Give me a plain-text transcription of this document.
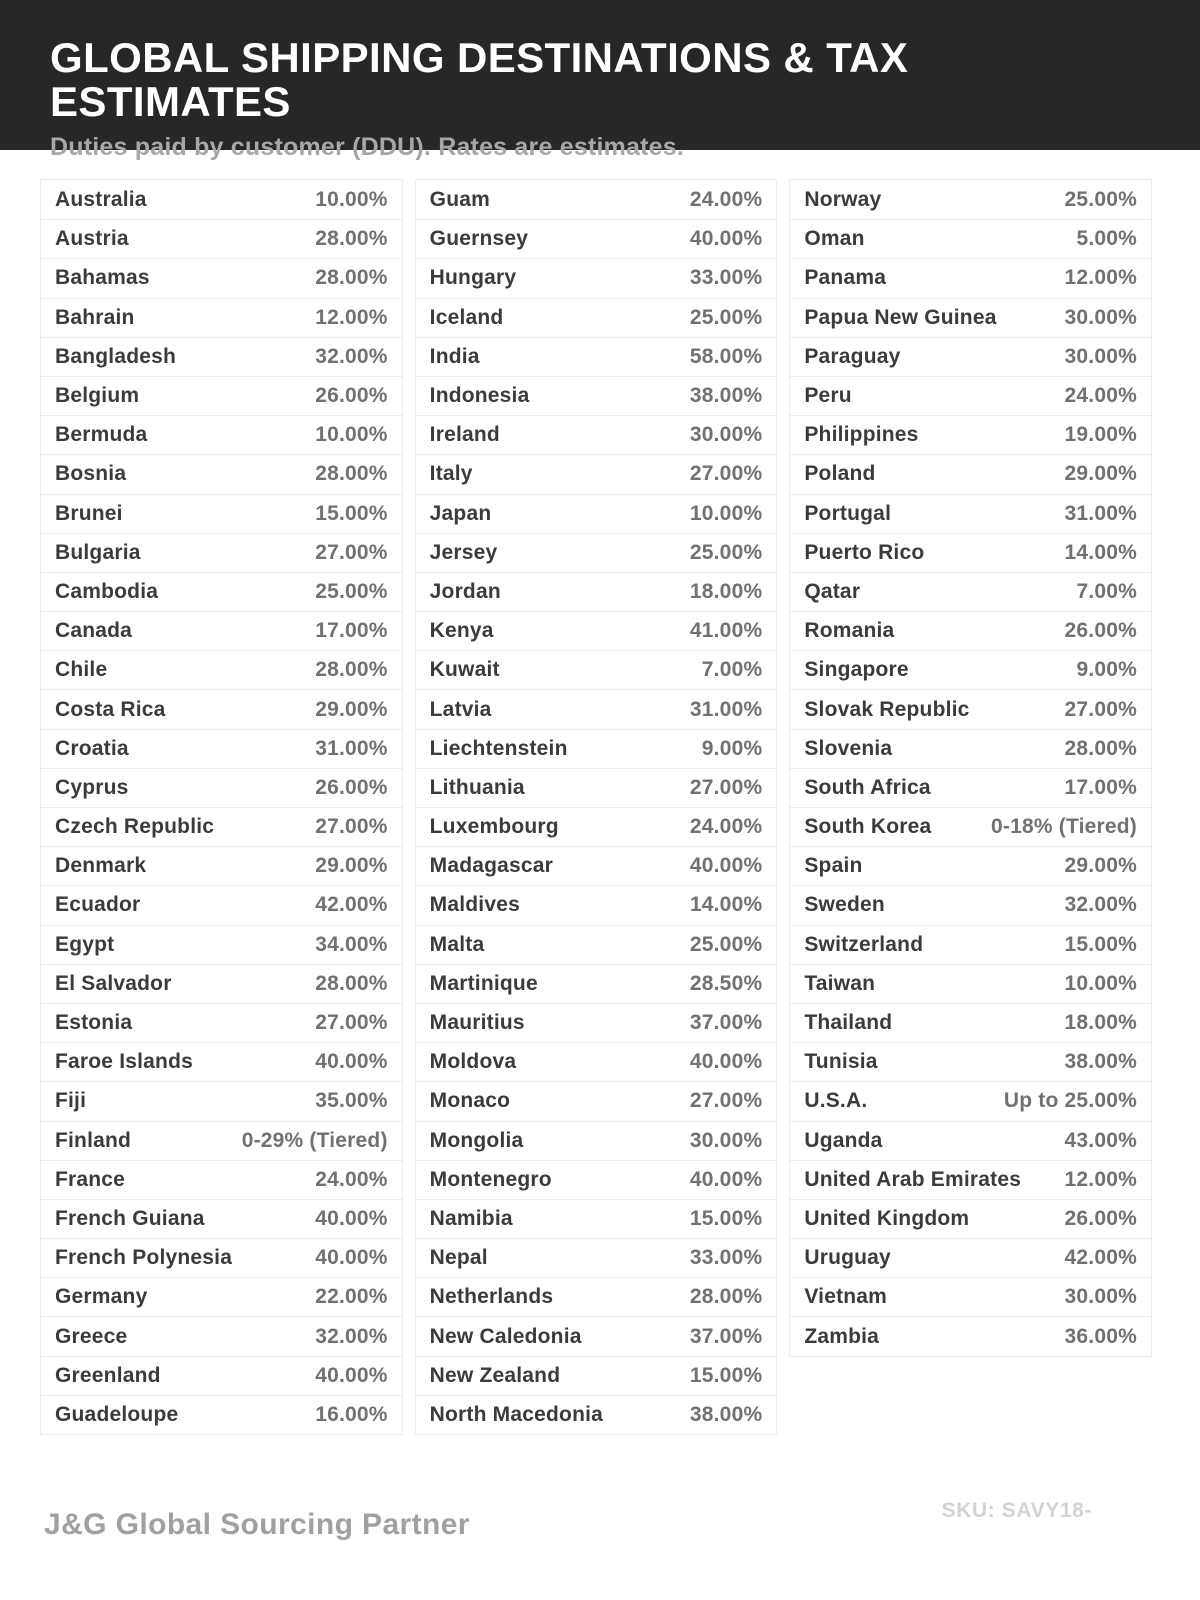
GLOBAL SHIPPING DESTINATIONS & TAX ESTIMATES
Duties paid by customer (DDU). Rates are estimates.
Australia	10.00%
Austria	28.00%
Bahamas	28.00%
Bahrain	12.00%
Bangladesh	32.00%
Belgium	26.00%
Bermuda	10.00%
Bosnia	28.00%
Brunei	15.00%
Bulgaria	27.00%
Cambodia	25.00%
Canada	17.00%
Chile	28.00%
Costa Rica	29.00%
Croatia	31.00%
Cyprus	26.00%
Czech Republic	27.00%
Denmark	29.00%
Ecuador	42.00%
Egypt	34.00%
El Salvador	28.00%
Estonia	27.00%
Faroe Islands	40.00%
Fiji	35.00%
Finland	0-29% (Tiered)
France	24.00%
French Guiana	40.00%
French Polynesia	40.00%
Germany	22.00%
Greece	32.00%
Greenland	40.00%
Guadeloupe	16.00%
Guam	24.00%
Guernsey	40.00%
Hungary	33.00%
Iceland	25.00%
India	58.00%
Indonesia	38.00%
Ireland	30.00%
Italy	27.00%
Japan	10.00%
Jersey	25.00%
Jordan	18.00%
Kenya	41.00%
Kuwait	7.00%
Latvia	31.00%
Liechtenstein	9.00%
Lithuania	27.00%
Luxembourg	24.00%
Madagascar	40.00%
Maldives	14.00%
Malta	25.00%
Martinique	28.50%
Mauritius	37.00%
Moldova	40.00%
Monaco	27.00%
Mongolia	30.00%
Montenegro	40.00%
Namibia	15.00%
Nepal	33.00%
Netherlands	28.00%
New Caledonia	37.00%
New Zealand	15.00%
North Macedonia	38.00%
Norway	25.00%
Oman	5.00%
Panama	12.00%
Papua New Guinea	30.00%
Paraguay	30.00%
Peru	24.00%
Philippines	19.00%
Poland	29.00%
Portugal	31.00%
Puerto Rico	14.00%
Qatar	7.00%
Romania	26.00%
Singapore	9.00%
Slovak Republic	27.00%
Slovenia	28.00%
South Africa	17.00%
South Korea	0-18% (Tiered)
Spain	29.00%
Sweden	32.00%
Switzerland	15.00%
Taiwan	10.00%
Thailand	18.00%
Tunisia	38.00%
U.S.A.	Up to 25.00%
Uganda	43.00%
United Arab Emirates 12.00%
United Kingdom	26.00%
Uruguay	42.00%
Vietnam	30.00%
Zambia	36.00%
J&G Global Sourcing Partner	SKU: SAVY18-
